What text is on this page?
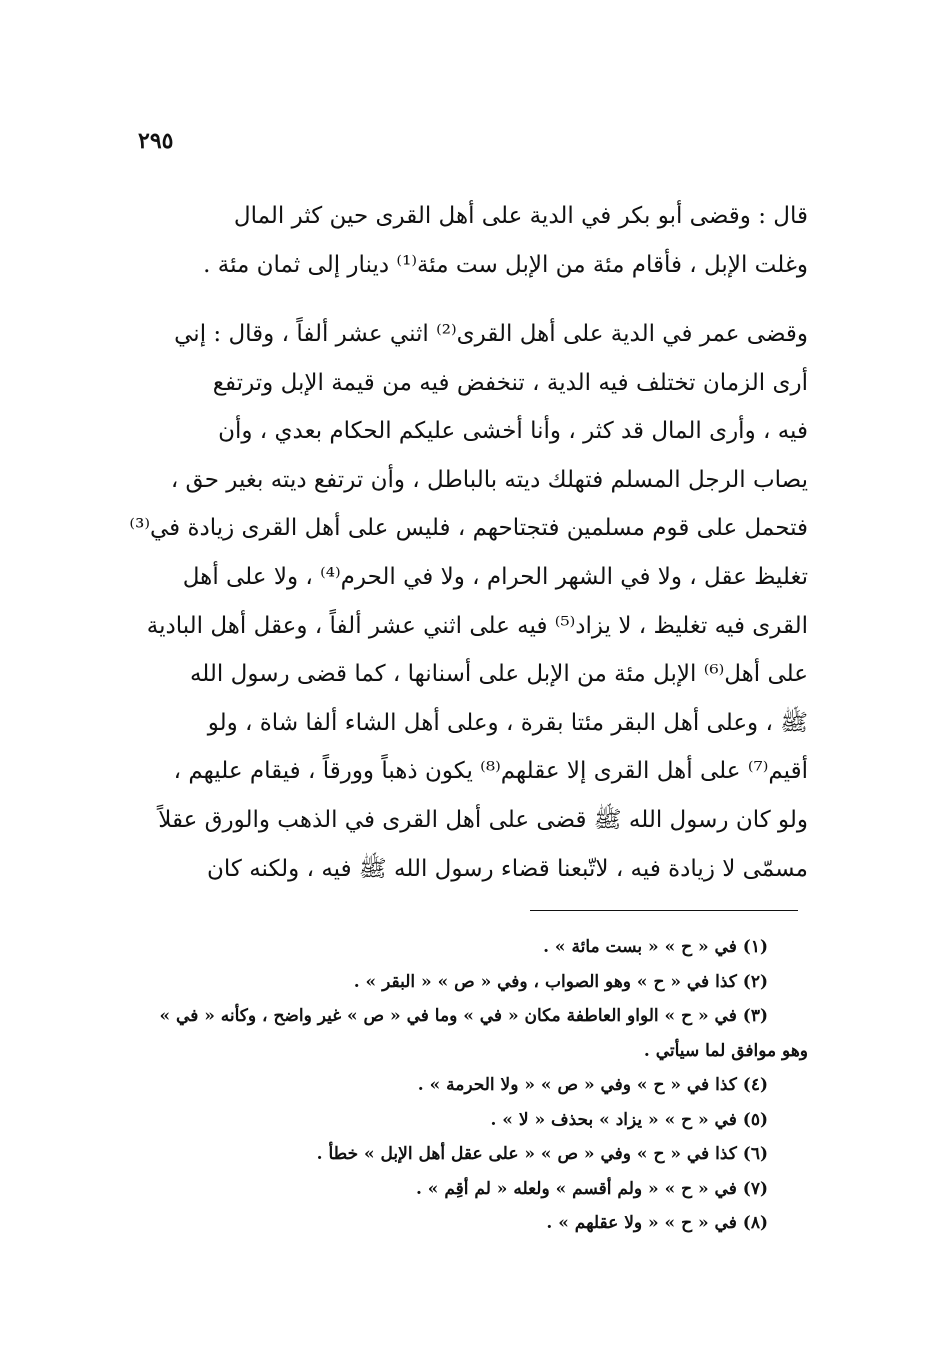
٢٩٥
قال : وقضى أبو بكر في الدية على أهل القرى حين كثر المال
وغلت الإبل ، فأقام مئة من الإبل ست مئة⁽¹⁾ دينار إلى ثمان مئة .
وقضى عمر في الدية على أهل القرى⁽²⁾ اثني عشر ألفاً ، وقال : إني
أرى الزمان تختلف فيه الدية ، تنخفض فيه من قيمة الإبل وترتفع
فيه ، وأرى المال قد كثر ، وأنا أخشى عليكم الحكام بعدي ، وأن
يصاب الرجل المسلم فتهلك ديته بالباطل ، وأن ترتفع ديته بغير حق ،
فتحمل على قوم مسلمين فتجتاحهم ، فليس على أهل القرى زيادة في⁽³⁾
تغليظ عقل ، ولا في الشهر الحرام ، ولا في الحرم⁽⁴⁾ ، ولا على أهل
القرى فيه تغليظ ، لا يزاد⁽⁵⁾ فيه على اثني عشر ألفاً ، وعقل أهل البادية
على أهل⁽⁶⁾ الإبل مئة من الإبل على أسنانها ، كما قضى رسول الله
ﷺ ، وعلى أهل البقر مئتا بقرة ، وعلى أهل الشاء ألفا شاة ، ولو
أقيم⁽⁷⁾ على أهل القرى إلا عقلهم⁽⁸⁾ يكون ذهباً وورقاً ، فيقام عليهم ،
ولو كان رسول الله ﷺ قضى على أهل القرى في الذهب والورق عقلاً
مسمّى لا زيادة فيه ، لاتّبعنا قضاء رسول الله ﷺ فيه ، ولكنه كان
(١) في « ح » « بست مائة » .
(٢) كذا في « ح » وهو الصواب ، وفي « ص » « البقر » .
(٣) في « ح » الواو العاطفة مكان « في » وما في « ص » غير واضح ، وكأنه « في »
وهو موافق لما سيأتي .
(٤) كذا في « ح » وفي « ص » « ولا الحرمة » .
(٥) في « ح » « يزاد » بحذف « لا » .
(٦) كذا في « ح » وفي « ص » « على عقل أهل الإبل » خطأ .
(٧) في « ح » « ولم أقسم » ولعله « لم أقِم » .
(٨) في « ح » « ولا عقلهم » .
